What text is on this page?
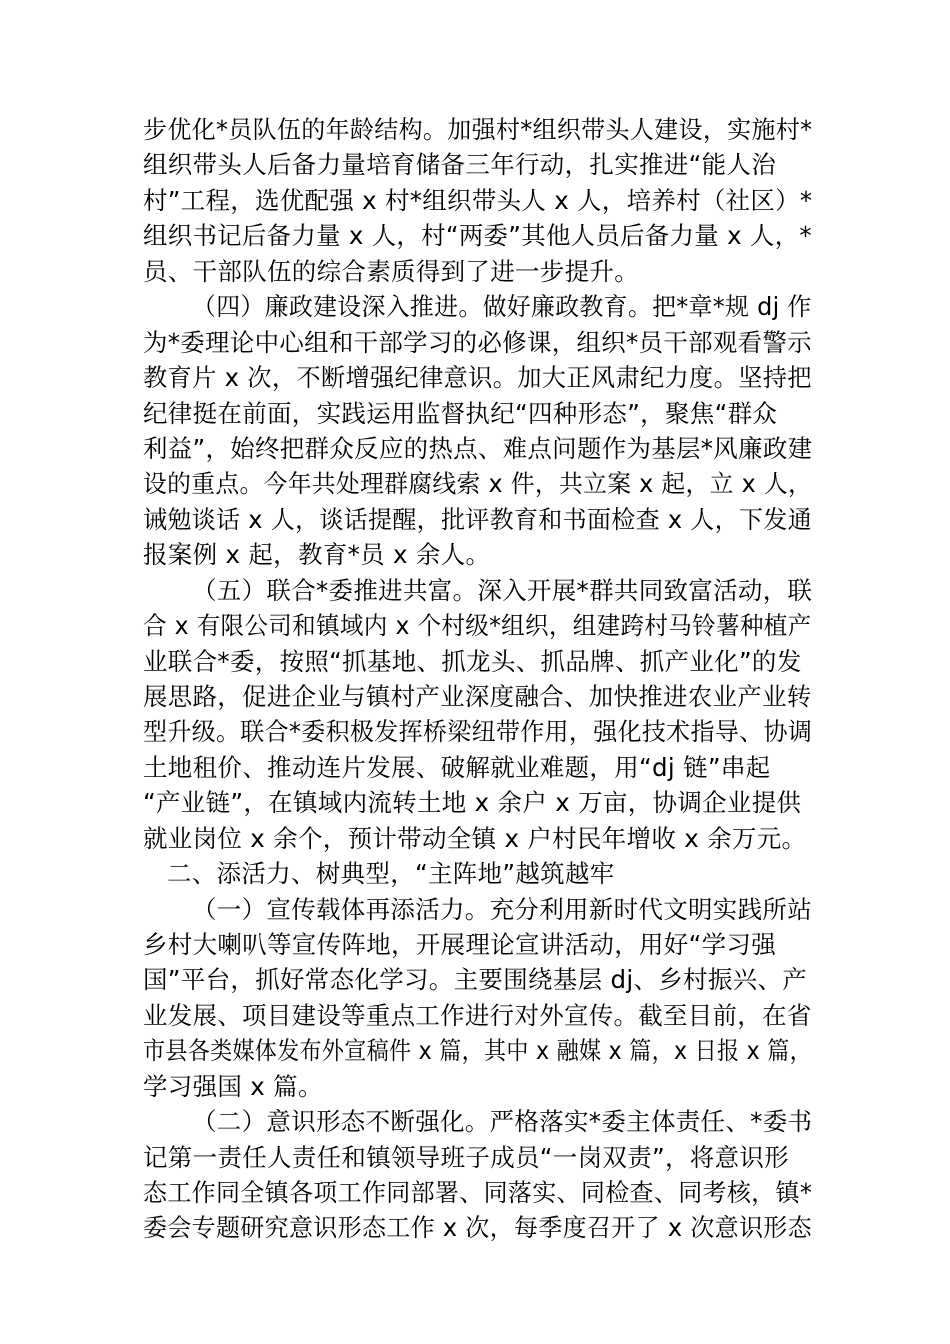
步优化*员队伍的年龄结构。加强村*组织带头人建设，实施村*
组织带头人后备力量培育储备三年行动，扎实推进“能人治
村”工程，选优配强 x 村*组织带头人 x 人，培养村（社区）*
组织书记后备力量 x 人，村“两委”其他人员后备力量 x 人，*
员、干部队伍的综合素质得到了进一步提升。
（四）廉政建设深入推进。做好廉政教育。把*章*规 dj 作
为*委理论中心组和干部学习的必修课，组织*员干部观看警示
教育片 x 次，不断增强纪律意识。加大正风肃纪力度。坚持把
纪律挺在前面，实践运用监督执纪“四种形态”，聚焦“群众
利益”，始终把群众反应的热点、难点问题作为基层*风廉政建
设的重点。今年共处理群腐线索 x 件，共立案 x 起，立 x 人，
诫勉谈话 x 人，谈话提醒，批评教育和书面检查 x 人，下发通
报案例 x 起，教育*员 x 余人。
（五）联合*委推进共富。深入开展*群共同致富活动，联
合 x 有限公司和镇域内 x 个村级*组织，组建跨村马铃薯种植产
业联合*委，按照“抓基地、抓龙头、抓品牌、抓产业化”的发
展思路，促进企业与镇村产业深度融合、加快推进农业产业转
型升级。联合*委积极发挥桥梁纽带作用，强化技术指导、协调
土地租价、推动连片发展、破解就业难题，用“dj 链”串起
“产业链”，在镇域内流转土地 x 余户 x 万亩，协调企业提供
就业岗位 x 余个，预计带动全镇 x 户村民年增收 x 余万元。
二、添活力、树典型，“主阵地”越筑越牢
（一）宣传载体再添活力。充分利用新时代文明实践所站
乡村大喇叭等宣传阵地，开展理论宣讲活动，用好“学习强
国”平台，抓好常态化学习。主要围绕基层 dj、乡村振兴、产
业发展、项目建设等重点工作进行对外宣传。截至目前，在省
市县各类媒体发布外宣稿件 x 篇，其中 x 融媒 x 篇，x 日报 x 篇，
学习强国 x 篇。
（二）意识形态不断强化。严格落实*委主体责任、*委书
记第一责任人责任和镇领导班子成员“一岗双责”，将意识形
态工作同全镇各项工作同部署、同落实、同检查、同考核，镇*
委会专题研究意识形态工作 x 次，每季度召开了 x 次意识形态
